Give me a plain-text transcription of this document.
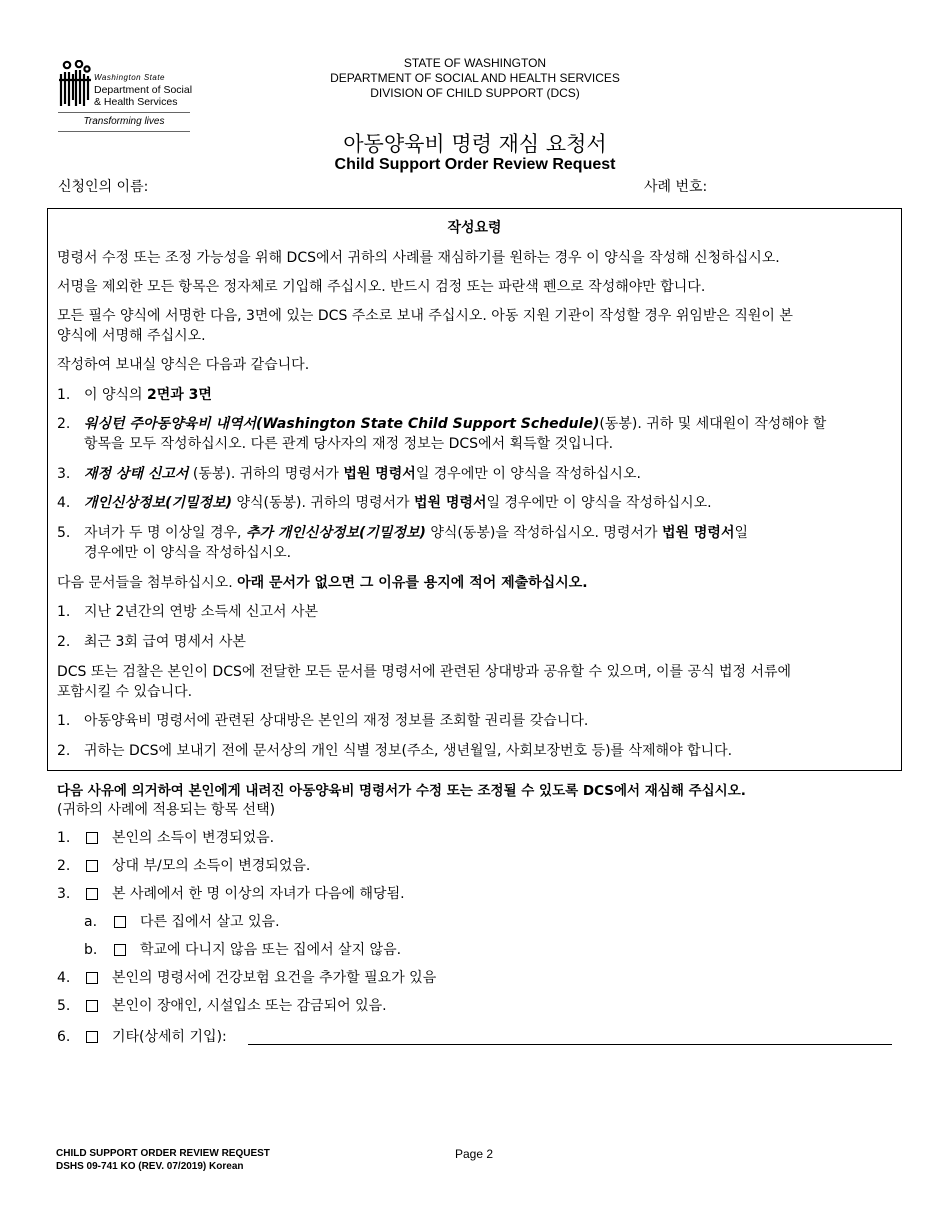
Washington State
Department of Social
& Health Services
Transforming lives
STATE OF WASHINGTON
DEPARTMENT OF SOCIAL AND HEALTH SERVICES
DIVISION OF CHILD SUPPORT (DCS)
아동양육비 명령 재심 요청서
Child Support Order Review Request
신청인의 이름:	사례 번호:
작성요령
명령서 수정 또는 조정 가능성을 위해 DCS에서 귀하의 사례를 재심하기를 원하는 경우 이 양식을 작성해 신청하십시오.
서명을 제외한 모든 항목은 정자체로 기입해 주십시오. 반드시 검정 또는 파란색 펜으로 작성해야만 합니다.
모든 필수 양식에 서명한 다음, 3면에 있는 DCS 주소로 보내 주십시오. 아동 지원 기관이 작성할 경우 위임받은 직원이 본
양식에 서명해 주십시오.
작성하여 보내실 양식은 다음과 같습니다.
1. 이 양식의 2면과 3면
2. 워싱턴 주아동양육비 내역서(Washington State Child Support Schedule)(동봉). 귀하 및 세대원이 작성해야 할
항목을 모두 작성하십시오. 다른 관계 당사자의 재정 정보는 DCS에서 획득할 것입니다.
3. 재정 상태 신고서 (동봉). 귀하의 명령서가 법원 명령서일 경우에만 이 양식을 작성하십시오.
4. 개인신상정보(기밀정보) 양식(동봉). 귀하의 명령서가 법원 명령서일 경우에만 이 양식을 작성하십시오.
5. 자녀가 두 명 이상일 경우, 추가 개인신상정보(기밀정보) 양식(동봉)을 작성하십시오. 명령서가 법원 명령서일
경우에만 이 양식을 작성하십시오.
다음 문서들을 첨부하십시오. 아래 문서가 없으면 그 이유를 용지에 적어 제출하십시오.
1. 지난 2년간의 연방 소득세 신고서 사본
2. 최근 3회 급여 명세서 사본
DCS 또는 검찰은 본인이 DCS에 전달한 모든 문서를 명령서에 관련된 상대방과 공유할 수 있으며, 이를 공식 법정 서류에
포함시킬 수 있습니다.
1. 아동양육비 명령서에 관련된 상대방은 본인의 재정 정보를 조회할 권리를 갖습니다.
2. 귀하는 DCS에 보내기 전에 문서상의 개인 식별 정보(주소, 생년월일, 사회보장번호 등)를 삭제해야 합니다.
다음 사유에 의거하여 본인에게 내려진 아동양육비 명령서가 수정 또는 조정될 수 있도록 DCS에서 재심해 주십시오.
(귀하의 사례에 적용되는 항목 선택)
1.	본인의 소득이 변경되었음.
2.	상대 부/모의 소득이 변경되었음.
3.	본 사례에서 한 명 이상의 자녀가 다음에 해당됨.
a.	다른 집에서 살고 있음.
b.	학교에 다니지 않음 또는 집에서 살지 않음.
4.	본인의 명령서에 건강보험 요건을 추가할 필요가 있음
5.	본인이 장애인, 시설입소 또는 감금되어 있음.
6.	기타(상세히 기입):
CHILD SUPPORT ORDER REVIEW REQUEST
DSHS 09-741 KO (REV. 07/2019) Korean
Page 2
